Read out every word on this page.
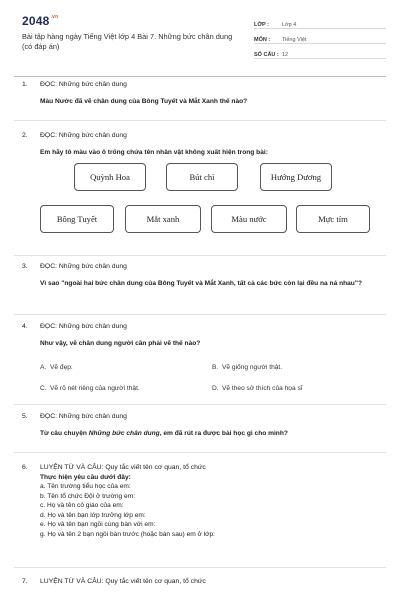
$2048^{.vn}$
Bài tập hàng ngày Tiếng Việt lớp 4 Bài 7. Những bức chân dung (có đáp án)
LỚP :	Lớp 4
MÔN :	Tiếng Việt
SỐ CÂU : 12
1.	ĐỌC: Những bức chân dung
Màu Nước đã vẽ chân dung của Bông Tuyết và Mắt Xanh thế nào?
2.	ĐỌC: Những bức chân dung
Em hãy tô màu vào ô trống chứa tên nhân vật không xuất hiện trong bài:
Quỳnh Hoa	Bút chì	Hướng Dương
Bông Tuyết	Mắt xanh	Màu nước	Mực tím
3.	ĐỌC: Những bức chân dung
Vì sao "ngoài hai bức chân dung của Bông Tuyết và Mắt Xanh, tất cả các bức còn lại đều na ná nhau"?
4.	ĐỌC: Những bức chân dung
Như vậy, vẽ chân dung người cần phải vẽ thế nào?
A. Vẽ đẹp.	B. Vẽ giống người thật.
C. Vẽ rõ nét riêng của người thật.	D. Vẽ theo sở thích của họa sĩ
5.	ĐỌC: Những bức chân dung
Từ câu chuyện Những bức chân dung, em đã rút ra được bài học gì cho mình?
6.	LUYỆN TỪ VÀ CÂU: Quy tắc viết tên cơ quan, tổ chức
Thực hiện yêu cầu dưới đây:
a. Tên trường tiểu học của em:
b. Tên tổ chức Đội ở trường em:
c. Họ và tên cô giáo của em:
d. Họ và tên bạn lớp trưởng lớp em:
e. Họ và tên bạn ngồi cùng bàn với em:
g. Họ và tên 2 bạn ngồi bàn trước (hoặc bàn sau) em ở lớp:
7.	LUYỆN TỪ VÀ CÂU: Quy tắc viết tên cơ quan, tổ chức
